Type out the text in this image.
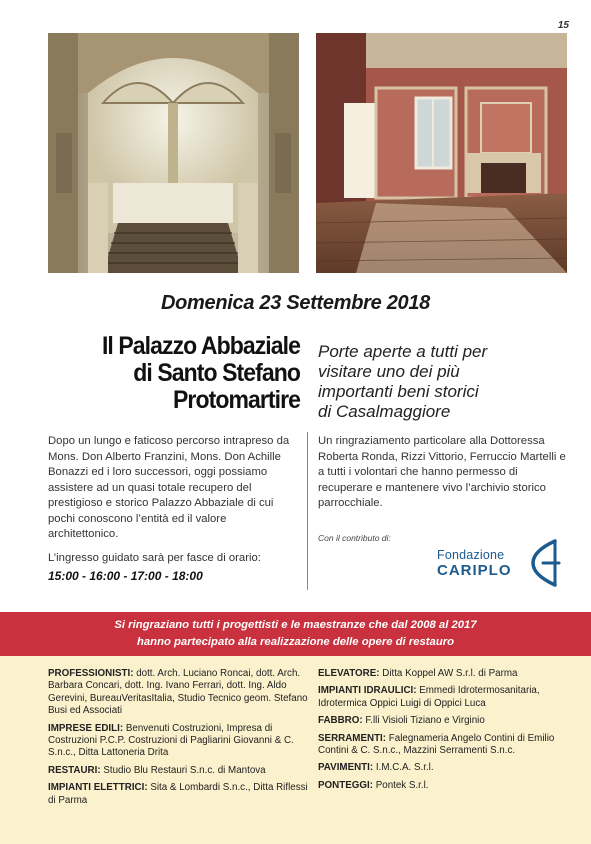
15
Domenica 23 Settembre 2018
Il Palazzo Abbaziale
di Santo Stefano
Protomartire
Porte aperte a tutti per
visitare uno dei più
importanti beni storici
di Casalmaggiore

Dopo un lungo e faticoso percorso intrapreso da Mons. Don Alberto Franzini, Mons. Don Achille Bonazzi ed i loro successori, oggi possiamo assistere ad un quasi totale recupero del prestigioso e storico Palazzo Abbaziale di cui pochi conoscono l’entità ed il valore architettonico.

L’ingresso guidato sarà per fasce di orario:
15:00 - 16:00 - 17:00 - 18:00

Un ringraziamento particolare alla Dottoressa Roberta Ronda, Rizzi Vittorio, Ferruccio Martelli e a tutti i volontari che hanno permesso di recuperare e mantenere vivo l’archivio storico parrocchiale.

Con il contributo di:
Fondazione
CARIPLO
Si ringraziano tutti i progettisti e le maestranze che dal 2008 al 2017
hanno partecipato alla realizzazione delle opere di restauro
PROFESSIONISTI: dott. Arch. Luciano Roncai, dott. Arch. Barbara Concari, dott. Ing. Ivano Ferrari, dott. Ing. Aldo Gerevini, BureauVeritasItalia, Studio Tecnico geom. Stefano Busi ed Associati
IMPRESE EDILI: Benvenuti Costruzioni, Impresa di Costruzioni P.C.P. Costruzioni di Pagliarini Giovanni & C. S.n.c., Ditta Lattoneria Drita
RESTAURI: Studio Blu Restauri S.n.c. di Mantova
IMPIANTI ELETTRICI: Sita & Lombardi S.n.c., Ditta Riflessi di Parma
ELEVATORE: Ditta Koppel AW S.r.l. di Parma
IMPIANTI IDRAULICI: Emmedi Idrotermosanitaria, Idrotermica Oppici Luigi di Oppici Luca
FABBRO: F.lli Visioli Tiziano e Virginio
SERRAMENTI: Falegnameria Angelo Contini di Emilio Contini & C. S.n.c., Mazzini Serramenti S.n.c.
PAVIMENTI: I.M.C.A. S.r.l.
PONTEGGI: Pontek S.r.l.
